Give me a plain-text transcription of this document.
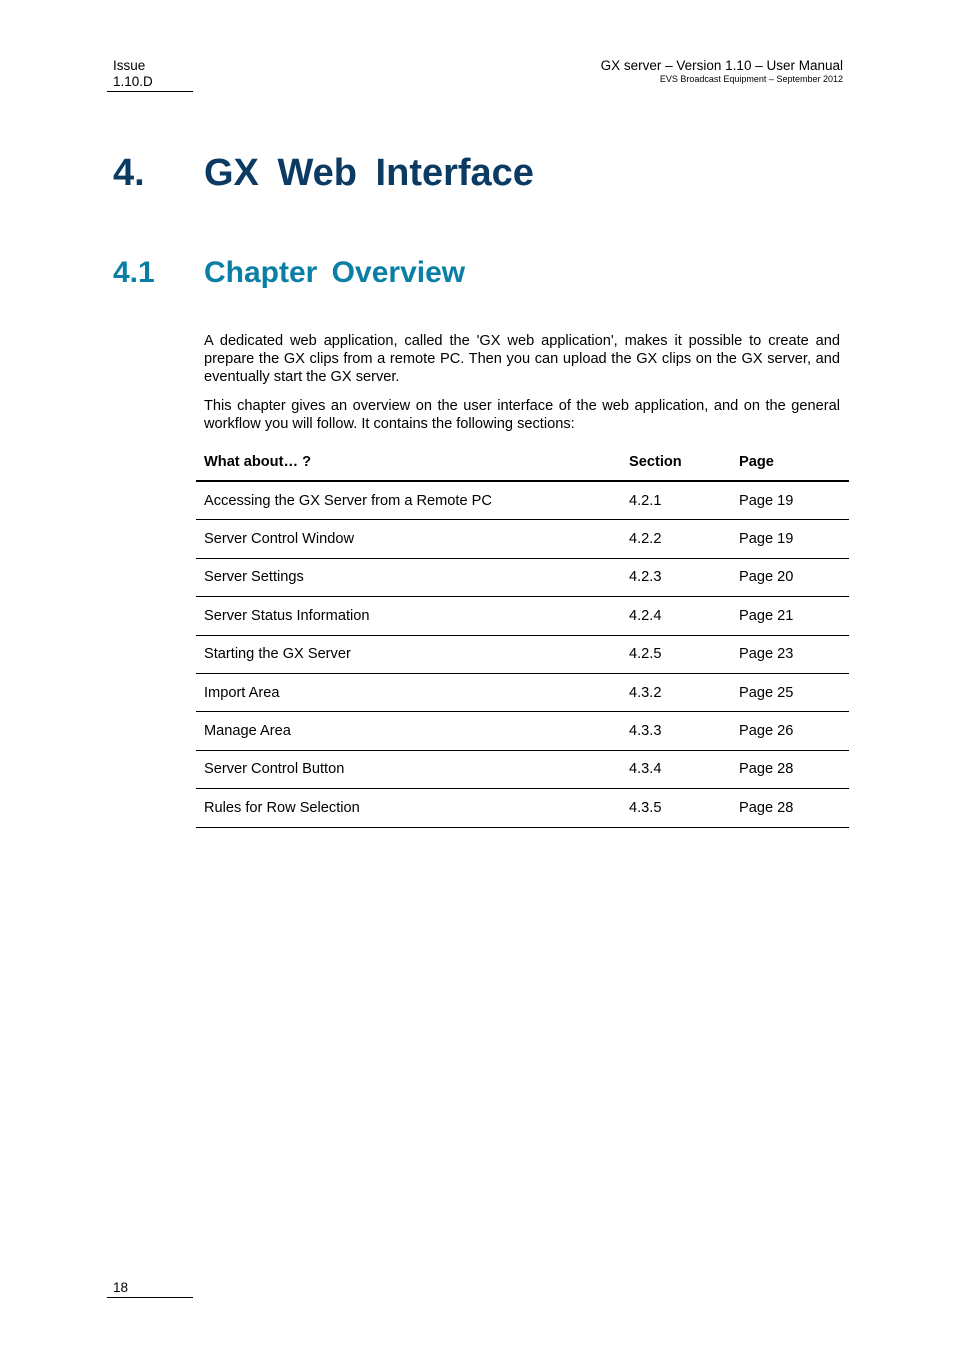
Issue
1.10.D
GX server – Version 1.10 – User Manual
EVS Broadcast Equipment – September 2012
4. GX Web Interface
4.1 Chapter Overview
A dedicated web application, called the 'GX web application', makes it possible to create and prepare the GX clips from a remote PC. Then you can upload the GX clips on the GX server, and eventually start the GX server.
This chapter gives an overview on the user interface of the web application, and on the general workflow you will follow. It contains the following sections:
What about… ?	Section	Page
Accessing the GX Server from a Remote PC	4.2.1	Page 19
Server Control Window	4.2.2	Page 19
Server Settings	4.2.3	Page 20
Server Status Information	4.2.4	Page 21
Starting the GX Server	4.2.5	Page 23
Import Area	4.3.2	Page 25
Manage Area	4.3.3	Page 26
Server Control Button	4.3.4	Page 28
Rules for Row Selection	4.3.5	Page 28
18
